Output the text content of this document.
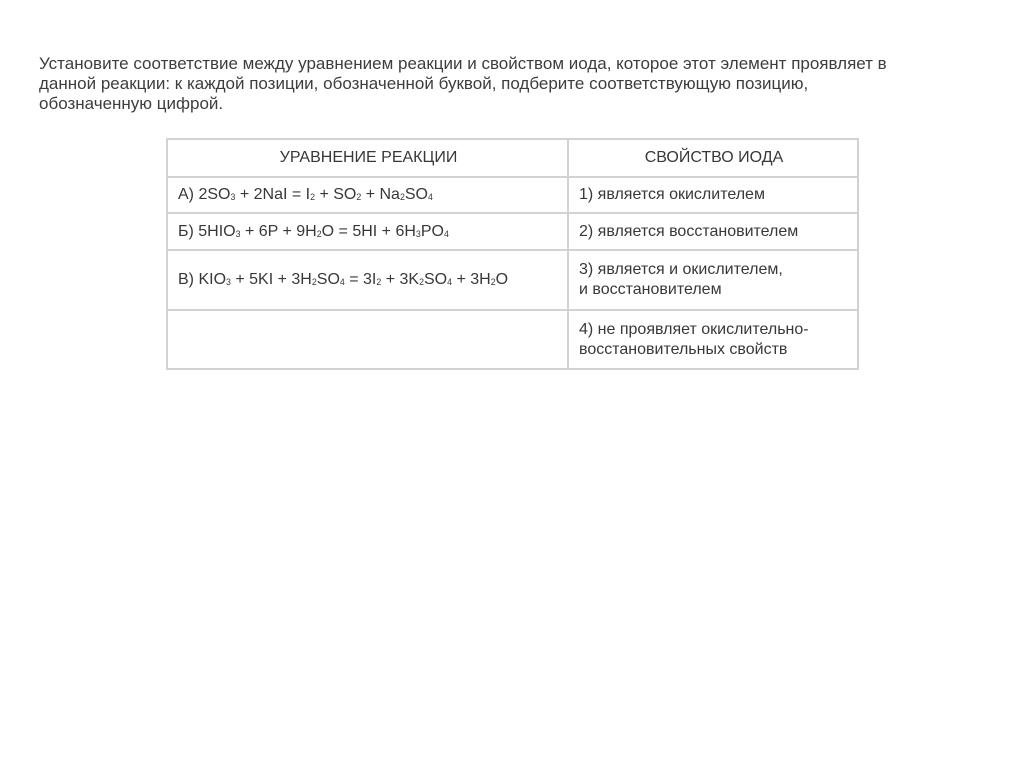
Установите соответствие между уравнением реакции и свойством иода, которое этот элемент проявляет в
данной реакции: к каждой позиции, обозначенной буквой, подберите соответствующую позицию,
обозначенную цифрой.
УРАВНЕНИЕ РЕАКЦИИ	СВОЙСТВО ИОДА
А) $2SO_3 + 2NaI = I_2 + SO_2 + Na_2SO_4$	1) является окислителем

Б) $5HIO_3 + 6P + 9H_2O = 5HI + 6H_3PO_4$	2) является восстановителем

В) $KIO_3 + 5KI + 3H_2SO_4 = 3I_2 + 3K_2SO_4 + 3H_2O$	3) является и окислителем,
и восстановителем

	4) не проявляет окислительно-
восстановительных свойств
